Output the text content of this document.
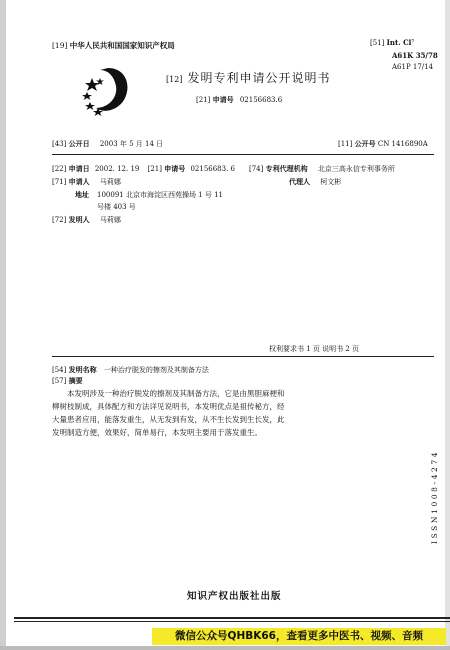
[19] 中华人民共和国国家知识产权局	[51] Int. Cl⁷
A61K 35/78
A61P 17/14
[12] 发明专利申请公开说明书
[21] 申请号 02156683.6
[43] 公开日 2003 年 5 月 14 日	[11] 公开号 CN 1416890A
[22] 申请日 2002. 12. 19 [21] 申请号 02156683. 6
[71] 申请人 马莉娜
地址 100091 北京市海淀区西苑操场 1 号 11
号楼 403 号
[72] 发明人 马莉娜
[74] 专利代理机构 北京三高永信专利事务所
代理人 柯文彬
权利要求书 1 页 说明书 2 页
[54] 发明名称 一种治疗脱发的擦剂及其制备方法
[57] 摘要
本发明涉及一种治疗脱发的擦剂及其制备方法，它是由黑胆麻梗和柳树枝制成，具体配方和方法详见说明书，本发明优点是祖传秘方，经大量患者应用，能落发重生，从无发到有发，从不生长发到生长发，此发明制造方便，效果好，简单易行，本发明主要用于落发重生。
ISSN1008-4274
知识产权出版社出版
微信公众号QHBK66，查看更多中医书、视频、音频
